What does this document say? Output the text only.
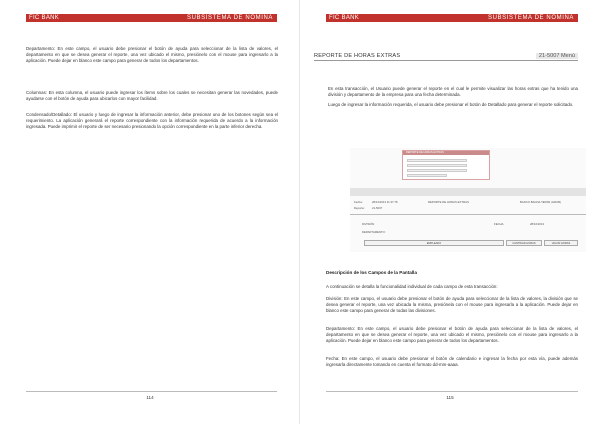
FIC BANK	SUBSISTEMA DE NOMINA

Departamento: En este campo, el usuario debe presionar el botón de ayuda para seleccionar de la lista de valores, el departamento en que se desea generar el reporte, una vez ubicado el mismo, presiónelo con el mouse para ingresarlo a la aplicación. Puede dejar en blanco este campo para generar de todos los departamentos.

Columnas: En esta columna, el usuario puede ingresar los ítems sobre los cuales se necesitan generar las novedades, puede ayudarse con el botón de ayuda para ubicarlos con mayor facilidad.

Condensado/Detallado: El usuario y luego de ingresar la información anterior, debe presionar uno de los botones según sea el requerimiento. La aplicación generará el reporte correspondiente con la información requerida de acuerdo a la información ingresada. Puede imprimir el reporte de ser necesario presionando la opción correspondiente en la parte inferior derecha.

114
FIC BANK	SUBSISTEMA DE NOMINA
REPORTE DE HORAS EXTRAS	21-5007 Menú

En esta transacción, el Usuario puede generar el reporte en el cual le permite visualizar las horas extras que ha tenido una división y departamento de la empresa para una fecha determinada.

Luego de ingresar la información requerida, el usuario debe presionar el botón de Detallado para generar el reporte solicitado.

REPORTE DE HORAS EXTRAS
Fecha:	28/10/2013 11:37:78	REPORTE DE HORAS EXTRAS	BANCO BAGNA TEPAR (GRUB)
Reporte:	21-5007
DIVISIÓN	FECHA	28/10/2013
DEPARTAMENTO:
EMPLEADO	CANTIDAD HORAS	VALOR HORAS
Descripción de los Campos de la Pantalla

A continuación se detalla la funcionalidad individual de cada campo de esta transacción:

División: En este campo, el usuario debe presionar el botón de ayuda para seleccionar de la lista de valores, la división que se desea generar el reporte, una vez ubicada la misma, presiónela con el mouse para ingresarla a la aplicación. Puede dejar en blanco este campo para generar de todas las divisiones.

Departamento: En este campo, el usuario debe presionar el botón de ayuda para seleccionar de la lista de valores, el departamento en que se desea generar el reporte, una vez ubicado el mismo, presiónelo con el mouse para ingresarlo a la aplicación. Puede dejar en blanco este campo para generar de todos los departamentos.

Fecha: En este campo, el usuario debe presionar el botón de calendario e ingresar la fecha por esta vía, puede además ingresarla directamente tomando en cuenta el formato dd-mm-aaaa.

115
